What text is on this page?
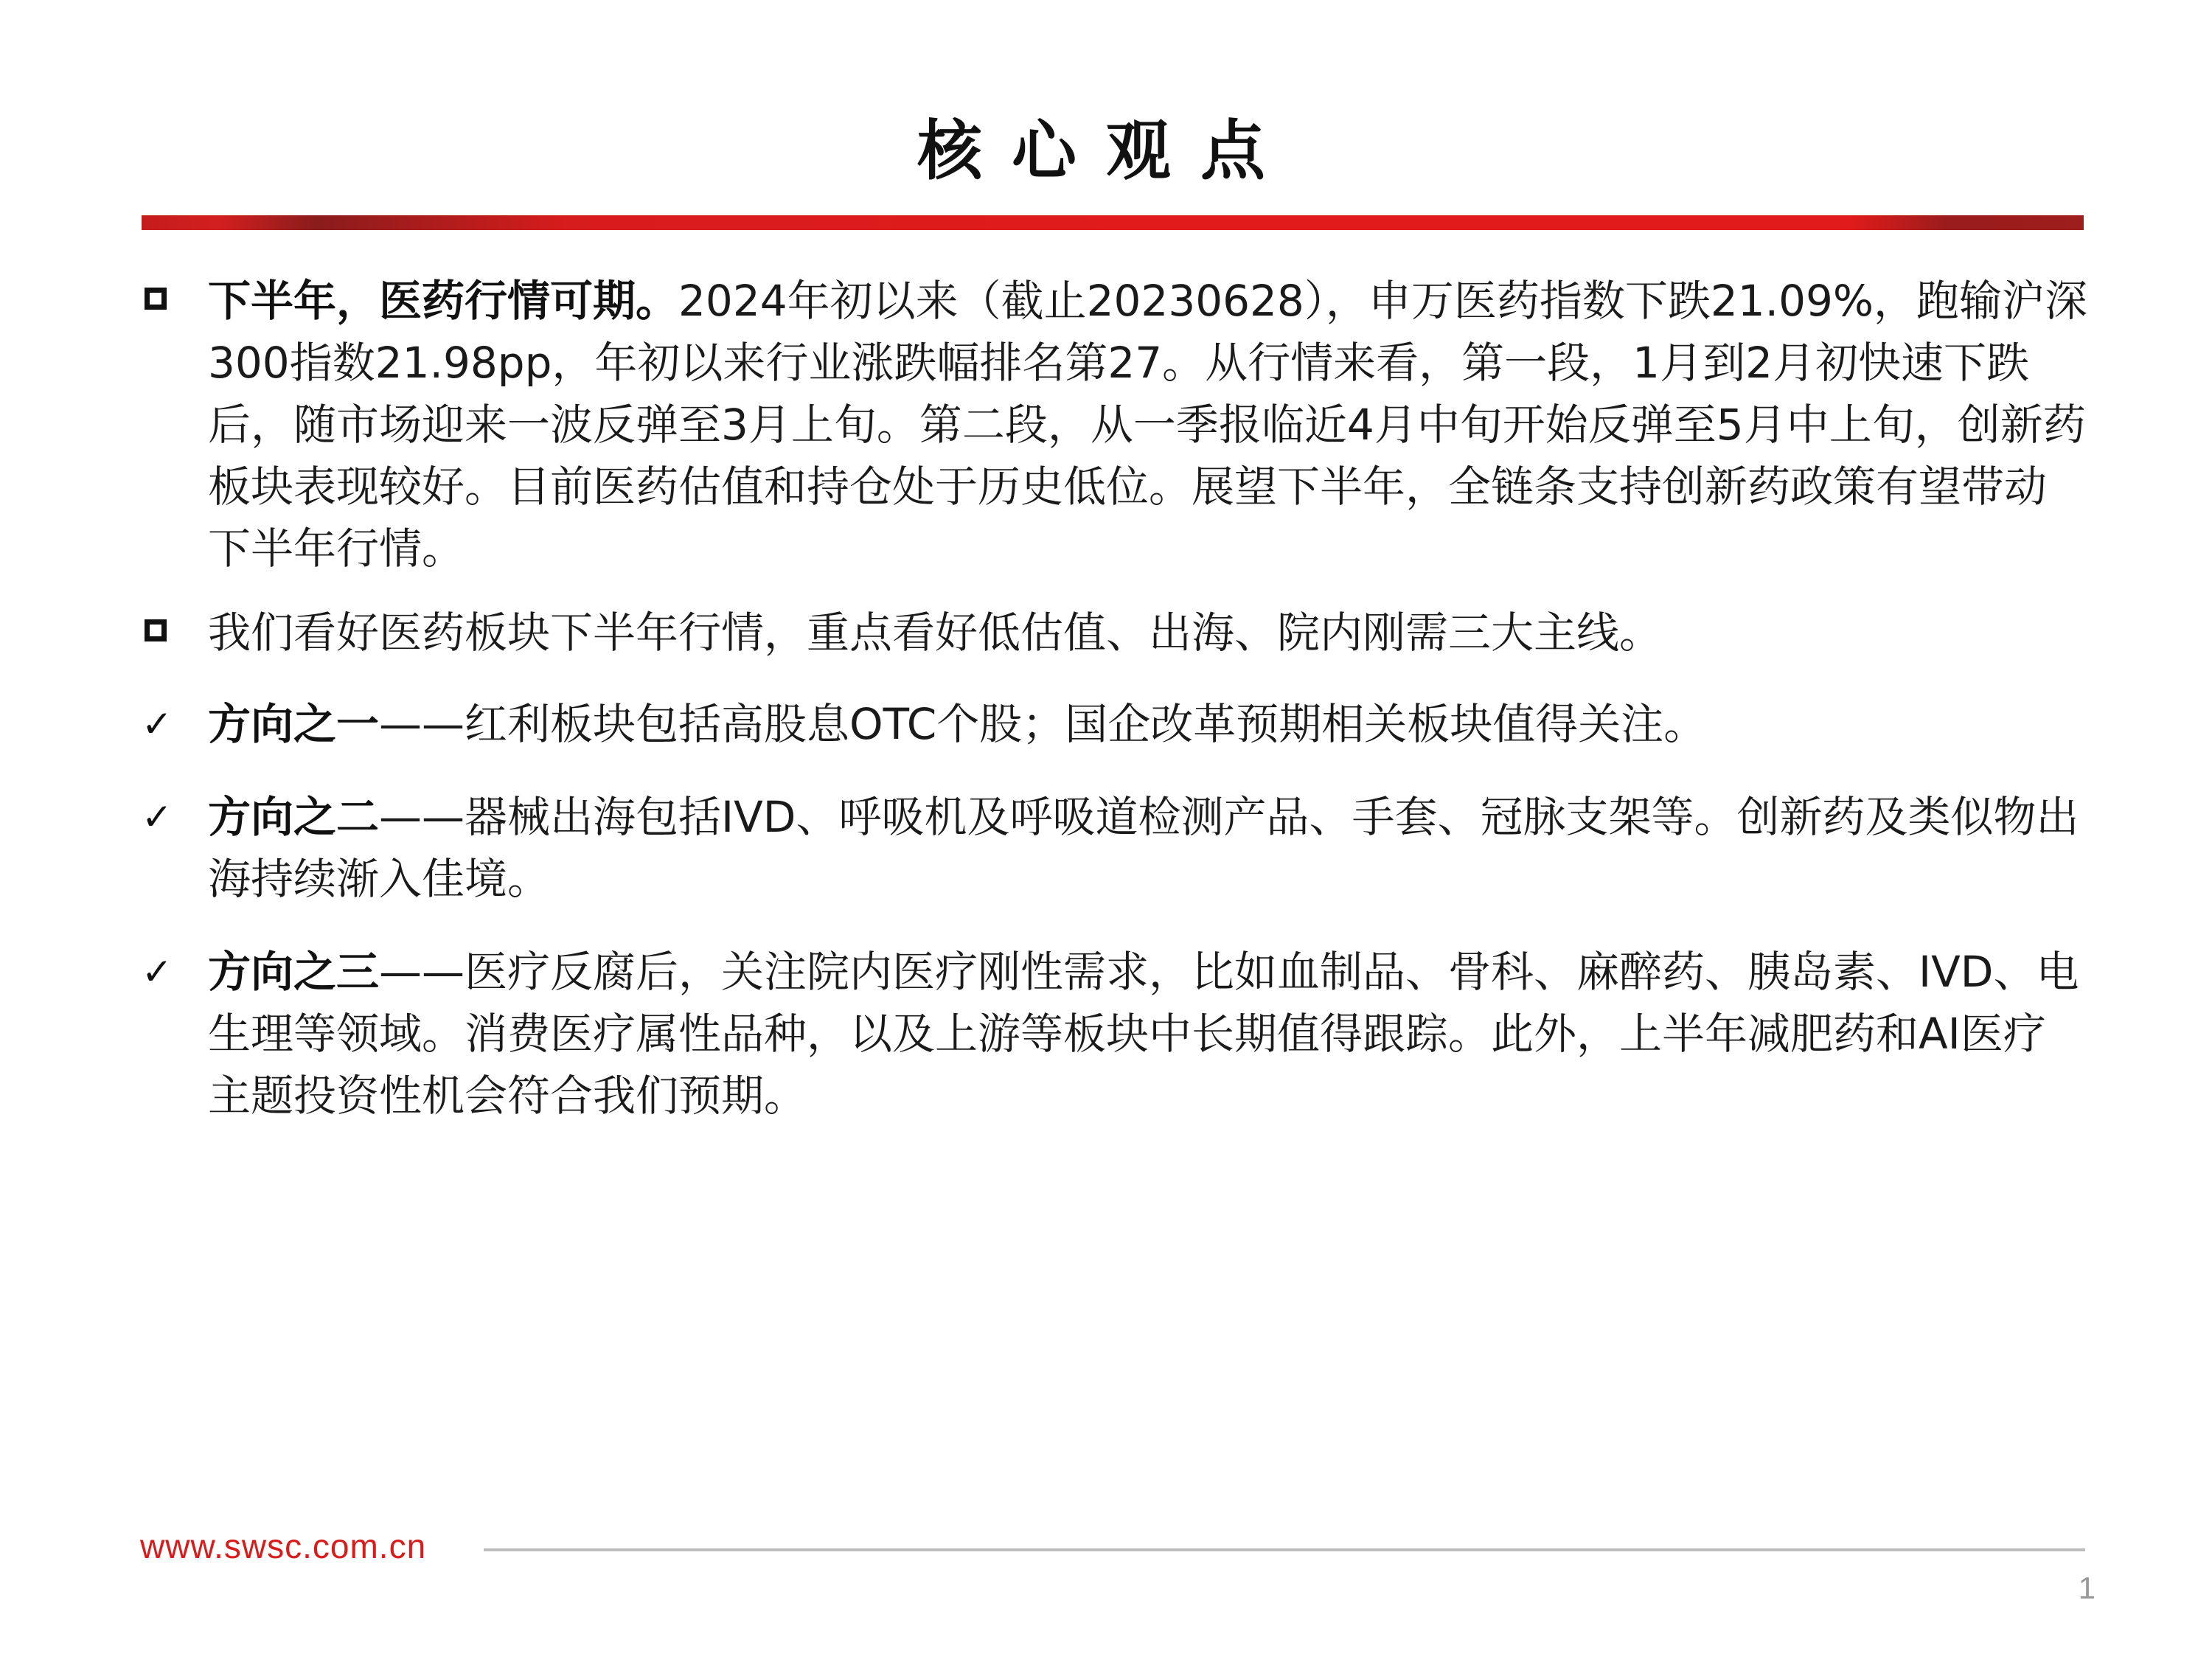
核心观点
下半年，医药行情可期。2024年初以来（截止20230628），申万医药指数下跌21.09%，跑输沪深300指数21.98pp，年初以来行业涨跌幅排名第27。从行情来看，第一段，1月到2月初快速下跌后，随市场迎来一波反弹至3月上旬。第二段，从一季报临近4月中旬开始反弹至5月中上旬，创新药板块表现较好。目前医药估值和持仓处于历史低位。展望下半年，全链条支持创新药政策有望带动下半年行情。
我们看好医药板块下半年行情，重点看好低估值、出海、院内刚需三大主线。
✓ 方向之一——红利板块包括高股息OTC个股；国企改革预期相关板块值得关注。
✓ 方向之二——器械出海包括IVD、呼吸机及呼吸道检测产品、手套、冠脉支架等。创新药及类似物出海持续渐入佳境。
✓ 方向之三——医疗反腐后，关注院内医疗刚性需求，比如血制品、骨科、麻醉药、胰岛素、IVD、电生理等领域。消费医疗属性品种，以及上游等板块中长期值得跟踪。此外，上半年减肥药和AI医疗主题投资性机会符合我们预期。
www.swsc.com.cn
1
